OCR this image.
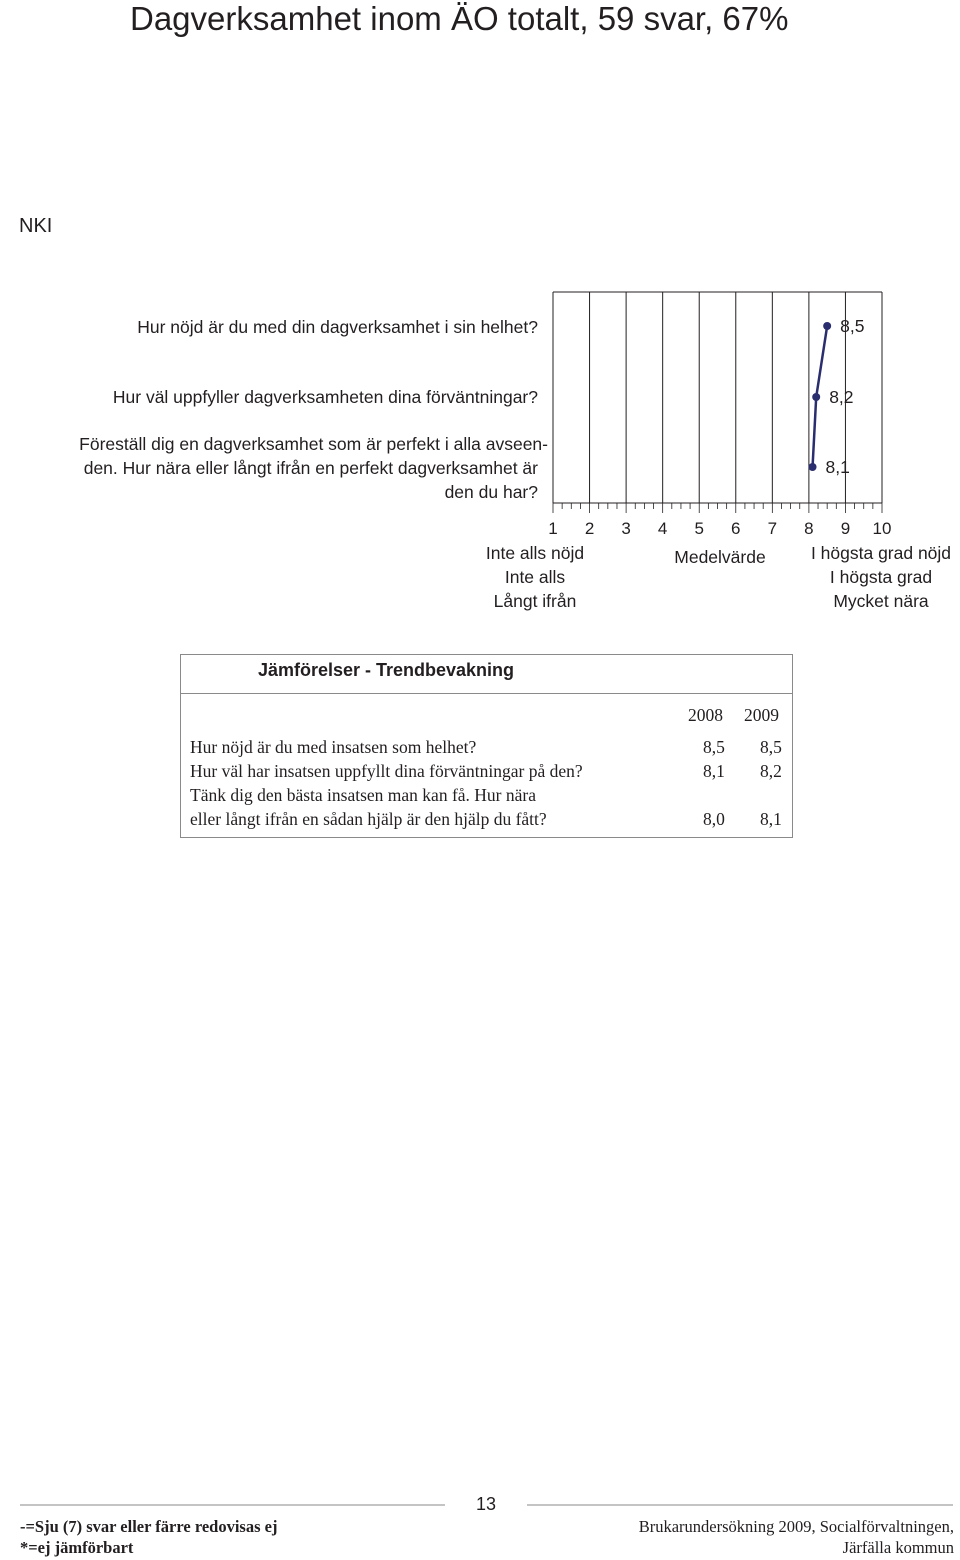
Dagverksamhet inom ÄO totalt, 59 svar, 67%
NKI
Hur nöjd är du med din dagverksamhet i sin helhet?
Hur väl uppfyller dagverksamheten dina förväntningar?
Föreställ dig en dagverksamhet som är perfekt i alla avseen-
den. Hur nära eller långt ifrån en perfekt dagverksamhet är
den du har?
8,5
8,2
8,1
1	2	3	4	5	6	7	8	9	10
Inte alls nöjd
Inte alls
Långt ifrån
Medelvärde	I högsta grad nöjd
I högsta grad
Mycket nära
Jämförelser - Trendbevakning
2008 2009
Hur nöjd är du med insatsen som helhet?	8,5 8,5
Hur väl har insatsen uppfyllt dina förväntningar på den?	8,1 8,2
Tänk dig den bästa insatsen man kan få. Hur nära
eller långt ifrån en sådan hjälp är den hjälp du fått?	8,0 8,1
13
-=Sju (7) svar eller färre redovisas ej
*=ej jämförbart
Brukarundersökning 2009, Socialförvaltningen,
Järfälla kommun
